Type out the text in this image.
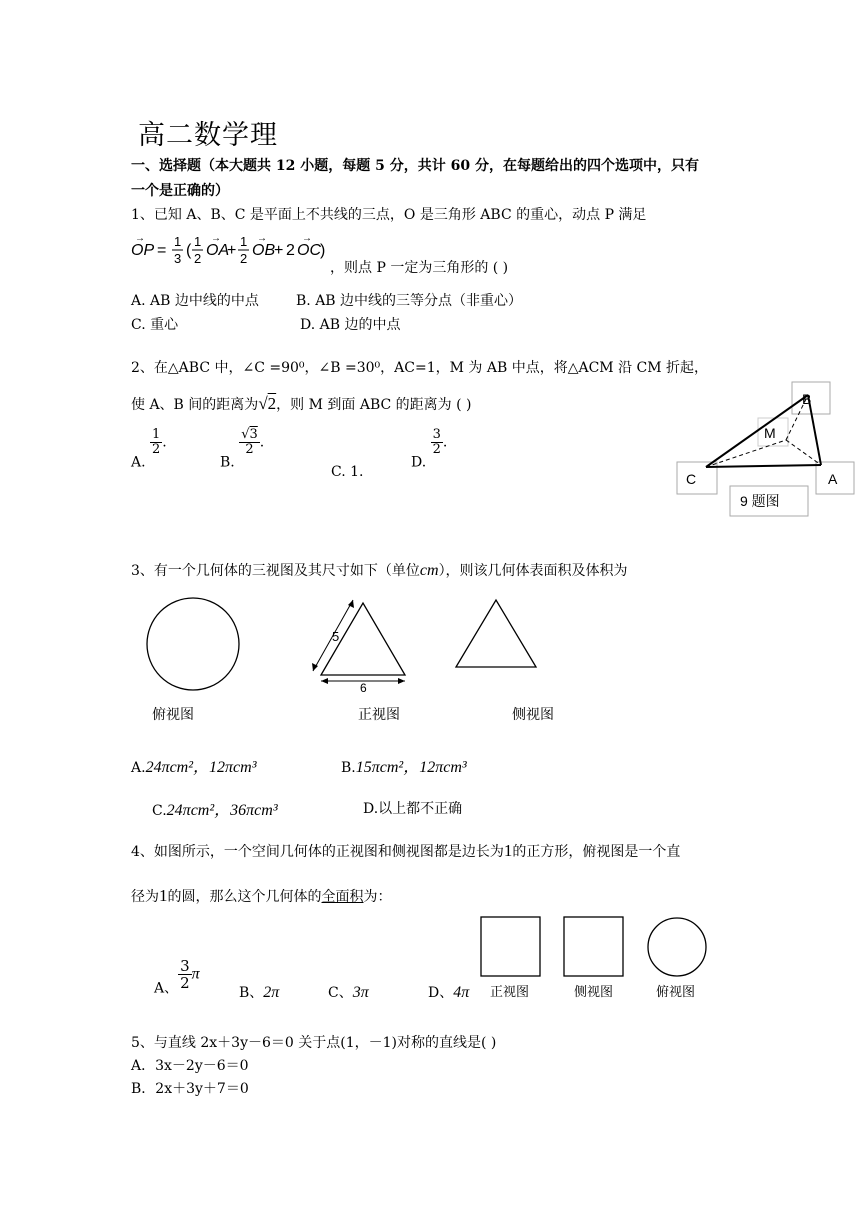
高二数学理
一、选择题（本大题共 12 小题，每题 5 分，共计 60 分，在每题给出的四个选项中，只有
一个是正确的）
1、已知 A、B、C 是平面上不共线的三点，O 是三角形 ABC 的重心，动点 P 满足
OP
→
=
1
3 (
1
2 OA
→
+
1
2 OB
→
+ 2 OC
→
)
，则点 P 一定为三角形的 ( )
A. AB 边中线的中点	B. AB 边中线的三等分点（非重心）
C. 重心	D. AB 边的中点
2、在△ABC 中，∠C =90⁰，∠B =30⁰，AC=1，M 为 AB 中点，将△ACM 沿 CM 折起，
使 A、B 间的距离为√2，则 M 到面 ABC 的距离为 ( )
A.
$\frac{1}{2}$ .
B.
$\frac{√3}{2}$ .
C. 1.
D.
$\frac{3}{2}$ .
B
M
C	A
9 题图
3、有一个几何体的三视图及其尺寸如下（单位cm），则该几何体表面积及体积为
5
6
俯视图	正视图	侧视图
A.24πcm²，12πcm³	B.15πcm²，12πcm³
C.24πcm²，36πcm³	D.以上都不正确
4、如图所示，一个空间几何体的正视图和侧视图都是边长为1的正方形，俯视图是一个直
径为1的圆，那么这个几何体的全面积为：
A、 $\frac{3}{2}$ π
B、2π	C、3π	D、4π 正视图	侧视图	俯视图
5、与直线 2x＋3y－6＝0 关于点(1，－1)对称的直线是( )
A．3x－2y－6＝0
B．2x＋3y＋7＝0
